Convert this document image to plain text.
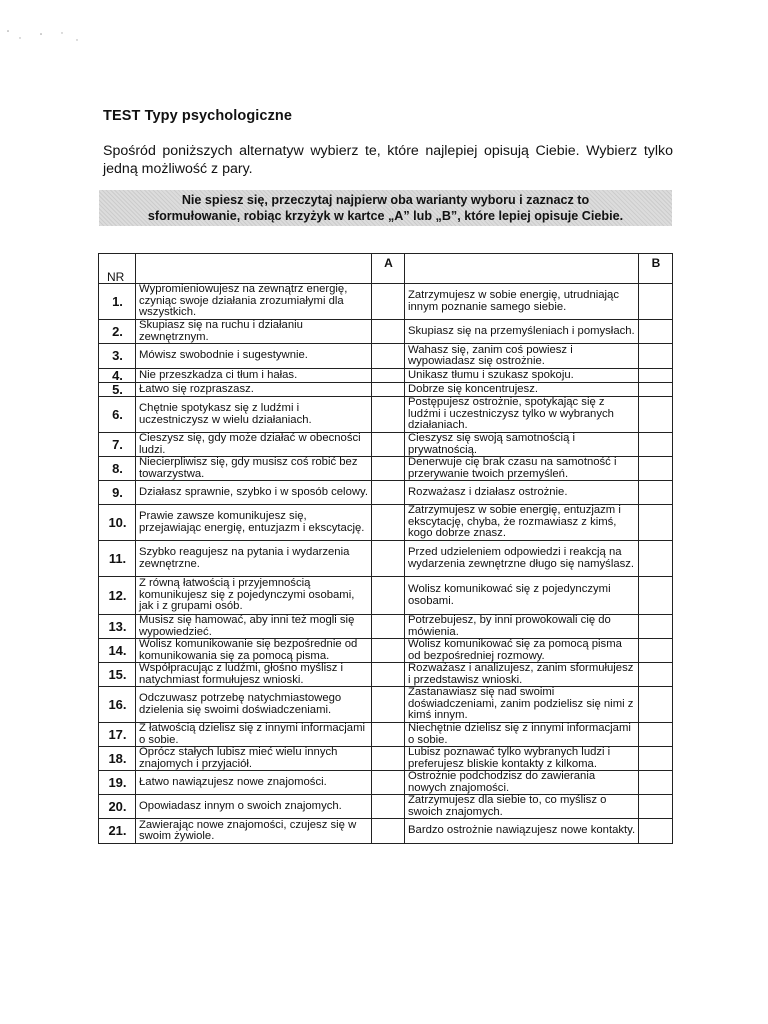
TEST Typy psychologiczne
Spośród poniższych alternatyw wybierz te, które najlepiej opisują Ciebie. Wybierz tylko jedną możliwość z pary.
Nie spiesz się, przeczytaj najpierw oba warianty wyboru i zaznacz to
sformułowanie, robiąc krzyżyk w kartce „A” lub „B”, które lepiej opisuje Ciebie.
NR		A		B
1.	Wypromieniowujesz na zewnątrz energię, czyniąc swoje działania zrozumiałymi dla wszystkich.		Zatrzymujesz w sobie energię, utrudniając innym poznanie samego siebie.	
2.	Skupiasz się na ruchu i działaniu zewnętrznym.		Skupiasz się na przemyśleniach i pomysłach.	
3.	Mówisz swobodnie i sugestywnie.		Wahasz się, zanim coś powiesz i wypowiadasz się ostrożnie.	
4.	Nie przeszkadza ci tłum i hałas.		Unikasz tłumu i szukasz spokoju.	
5.	Łatwo się rozpraszasz.		Dobrze się koncentrujesz.	
6.	Chętnie spotykasz się z ludźmi i uczestniczysz w wielu działaniach.		Postępujesz ostrożnie, spotykając się z ludźmi i uczestniczysz tylko w wybranych działaniach.	
7.	Cieszysz się, gdy może działać w obecności ludzi.		Cieszysz się swoją samotnością i prywatnością.	
8.	Niecierpliwisz się, gdy musisz coś robić bez towarzystwa.		Denerwuje cię brak czasu na samotność i przerywanie twoich przemyśleń.	
9.	Działasz sprawnie, szybko i w sposób celowy.		Rozważasz i działasz ostrożnie.	
10.	Prawie zawsze komunikujesz się, przejawiając energię, entuzjazm i ekscytację.		Zatrzymujesz w sobie energię, entuzjazm i ekscytację, chyba, że rozmawiasz z kimś, kogo dobrze znasz.	
11.	Szybko reagujesz na pytania i wydarzenia zewnętrzne.		Przed udzieleniem odpowiedzi i reakcją na wydarzenia zewnętrzne długo się namyślasz.	
12.	Z równą łatwością i przyjemnością komunikujesz się z pojedynczymi osobami, jak i z grupami osób.		Wolisz komunikować się z pojedynczymi osobami.	
13.	Musisz się hamować, aby inni też mogli się wypowiedzieć.		Potrzebujesz, by inni prowokowali cię do mówienia.	
14.	Wolisz komunikowanie się bezpośrednie od komunikowania się za pomocą pisma.		Wolisz komunikować się za pomocą pisma od bezpośredniej rozmowy.	
15.	Współpracując z ludźmi, głośno myślisz i natychmiast formułujesz wnioski.		Rozważasz i analizujesz, zanim sformułujesz i przedstawisz wnioski.	
16.	Odczuwasz potrzebę natychmiastowego dzielenia się swoimi doświadczeniami.		Zastanawiasz się nad swoimi doświadczeniami, zanim podzielisz się nimi z kimś innym.	
17.	Z łatwością dzielisz się z innymi informacjami o sobie.		Niechętnie dzielisz się z innymi informacjami o sobie.	
18.	Oprócz stałych lubisz mieć wielu innych znajomych i przyjaciół.		Lubisz poznawać tylko wybranych ludzi i preferujesz bliskie kontakty z kilkoma.	
19.	Łatwo nawiązujesz nowe znajomości.		Ostrożnie podchodzisz do zawierania nowych znajomości.	
20.	Opowiadasz innym o swoich znajomych.		Zatrzymujesz dla siebie to, co myślisz o swoich znajomych.	
21.	Zawierając nowe znajomości, czujesz się w swoim żywiole.		Bardzo ostrożnie nawiązujesz nowe kontakty.	
